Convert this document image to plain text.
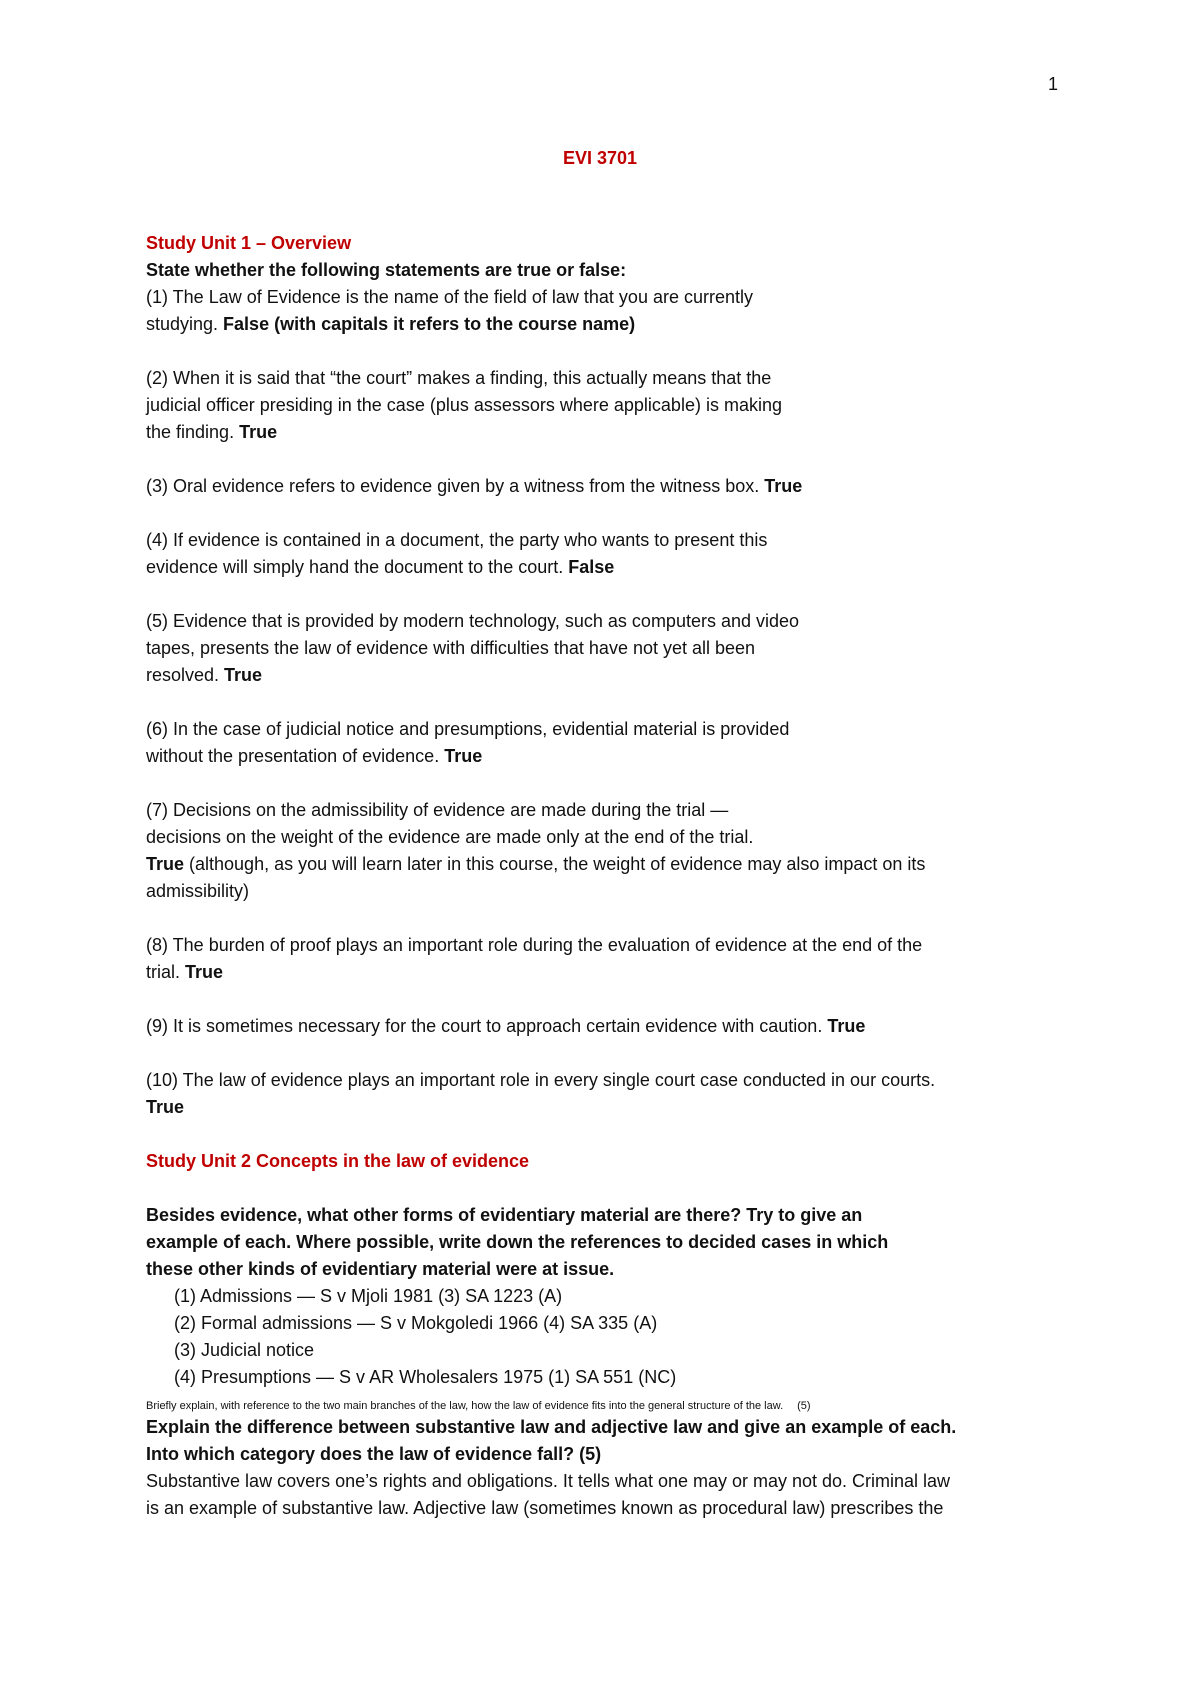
1
EVI 3701
Study Unit 1 – Overview
State whether the following statements are true or false:
(1) The Law of Evidence is the name of the field of law that you are currently
studying. False (with capitals it refers to the course name)
(2) When it is said that “the court” makes a finding, this actually means that the
judicial officer presiding in the case (plus assessors where applicable) is making
the finding. True
(3) Oral evidence refers to evidence given by a witness from the witness box. True
(4) If evidence is contained in a document, the party who wants to present this
evidence will simply hand the document to the court. False
(5) Evidence that is provided by modern technology, such as computers and video
tapes, presents the law of evidence with difficulties that have not yet all been
resolved. True
(6) In the case of judicial notice and presumptions, evidential material is provided
without the presentation of evidence. True
(7) Decisions on the admissibility of evidence are made during the trial —
decisions on the weight of the evidence are made only at the end of the trial.
True (although, as you will learn later in this course, the weight of evidence may also impact on its
admissibility)
(8) The burden of proof plays an important role during the evaluation of evidence at the end of the
trial. True
(9) It is sometimes necessary for the court to approach certain evidence with caution. True
(10) The law of evidence plays an important role in every single court case conducted in our courts.
True
Study Unit 2 Concepts in the law of evidence
Besides evidence, what other forms of evidentiary material are there? Try to give an
example of each. Where possible, write down the references to decided cases in which
these other kinds of evidentiary material were at issue.
(1) Admissions — S v Mjoli 1981 (3) SA 1223 (A)
(2) Formal admissions — S v Mokgoledi 1966 (4) SA 335 (A)
(3) Judicial notice
(4) Presumptions — S v AR Wholesalers 1975 (1) SA 551 (NC)
Briefly explain, with reference to the two main branches of the law, how the law of evidence fits into the general structure of the law. (5)
Explain the difference between substantive law and adjective law and give an example of each.
Into which category does the law of evidence fall? (5)
Substantive law covers one’s rights and obligations. It tells what one may or may not do. Criminal law
is an example of substantive law. Adjective law (sometimes known as procedural law) prescribes the
